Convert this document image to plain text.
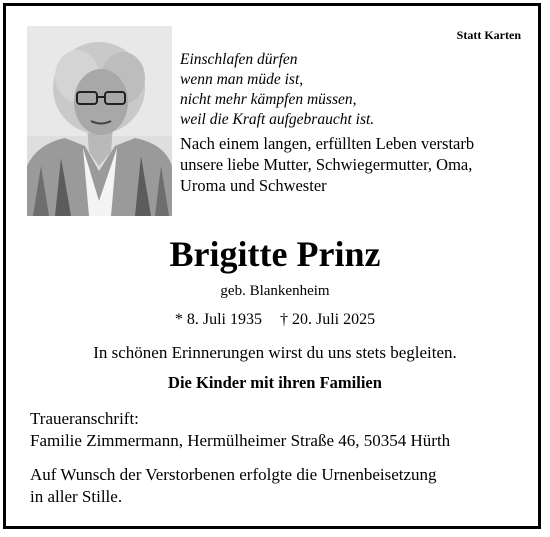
Statt Karten

Einschlafen dürfen
wenn man müde ist,
nicht mehr kämpfen müssen,
weil die Kraft aufgebraucht ist.
Nach einem langen, erfüllten Leben verstarb
unsere liebe Mutter, Schwiegermutter, Oma,
Uroma und Schwester
Brigitte Prinz

geb. Blankenheim

* 8. Juli 1935 † 20. Juli 2025

In schönen Erinnerungen wirst du uns stets begleiten.

Die Kinder mit ihren Familien

Traueranschrift:
Familie Zimmermann, Hermülheimer Straße 46, 50354 Hürth
Auf Wunsch der Verstorbenen erfolgte die Urnenbeisetzung
in aller Stille.
